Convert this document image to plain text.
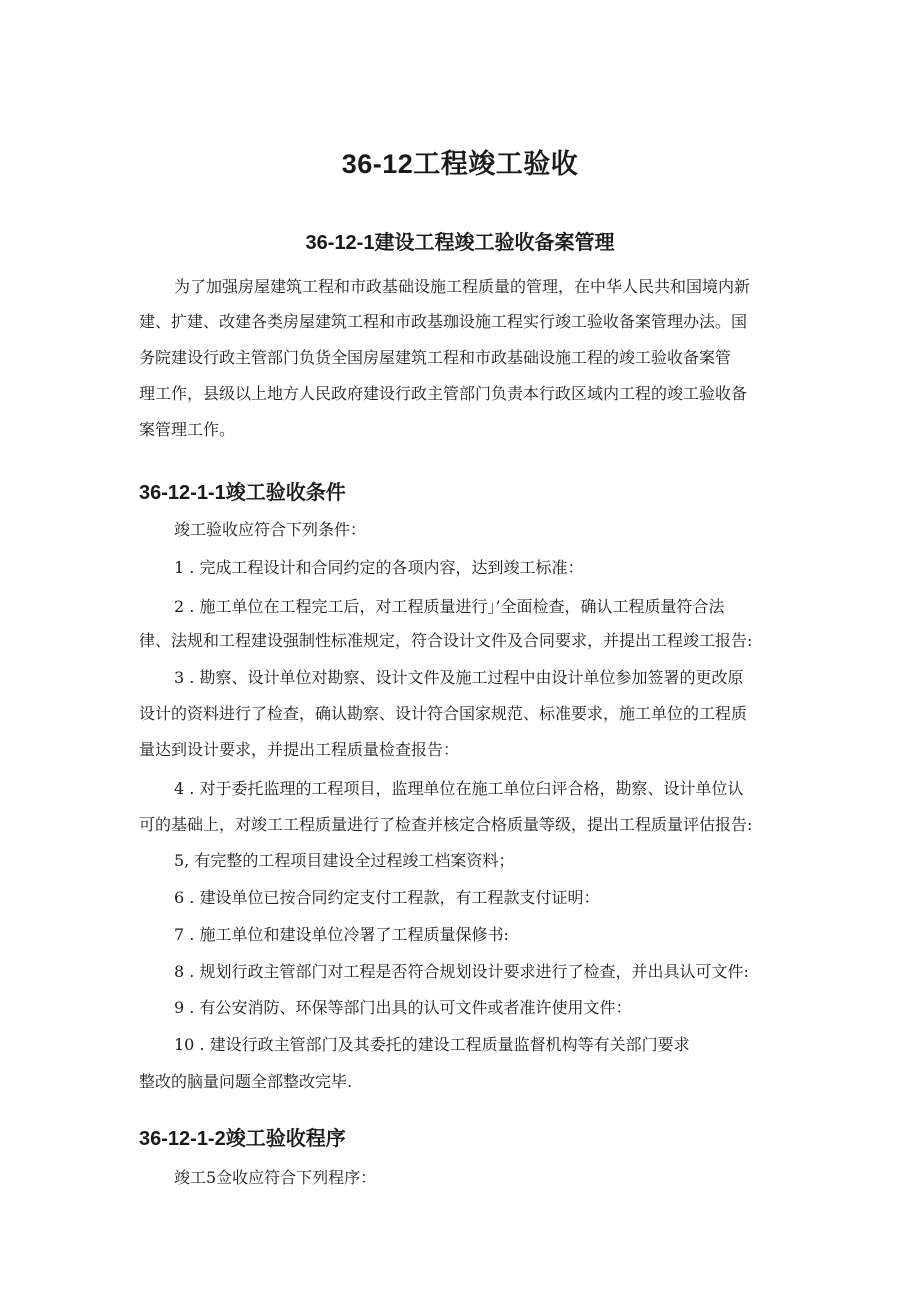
36-12工程竣工验收
36-12-1建设工程竣工验收备案管理
为了加强房屋建筑工程和市政基础设施工程质量的管理，在中华人民共和国境内新
建、扩建、改建各类房屋建筑工程和市政基珈设施工程实行竣工验收备案管理办法。国
务院建设行政主管部门负货全国房屋建筑工程和市政基础设施工程的竣工验收备案管
理工作，县级以上地方人民政府建设行政主管部门负责本行政区域内工程的竣工验收备
案管理工作。
36-12-1-1竣工验收条件
竣工验收应符合下列条件：
1 . 完成工程设计和合同约定的各项内容，达到竣工标准：
2 . 施工单位在工程完工后，对工程质量进行」’全面检查，确认工程质量符合法
律、法规和工程建设强制性标准规定，符合设计文件及合同要求，并提出工程竣工报告:
3 . 勘察、设计单位对勘察、设计文件及施工过程中由设计单位参加签署的更改原
设计的资料进行了检查，确认勘察、设计符合国家规范、标准要求，施工单位的工程质
量达到设计要求，并提出工程质量检查报告：
4 . 对于委托监理的工程项目，监理单位在施工单位臼评合格，勘察、设计单位认
可的基础上，对竣工工程质量进行了检查并核定合格质量等级，提出工程质量评估报告:
5, 有完整的工程项目建设全过程竣工档案资料；
6 . 建设单位已按合同约定支付工程款，有工程款支付证明：
7 . 施工单位和建设单位冷署了工程质量保修书:
8 . 规划行政主管部门对工程是否符合规划设计要求进行了检查，并出具认可文件:
9 . 有公安消防、环保等部门出具的认可文件或者准许使用文件：
10 . 建设行政主管部门及其委托的建设工程质量监督机构等有关部门要求
整改的脑量问题全部整改完毕.
36-12-1-2竣工验收程序
竣工5佥收应符合下列程序：
